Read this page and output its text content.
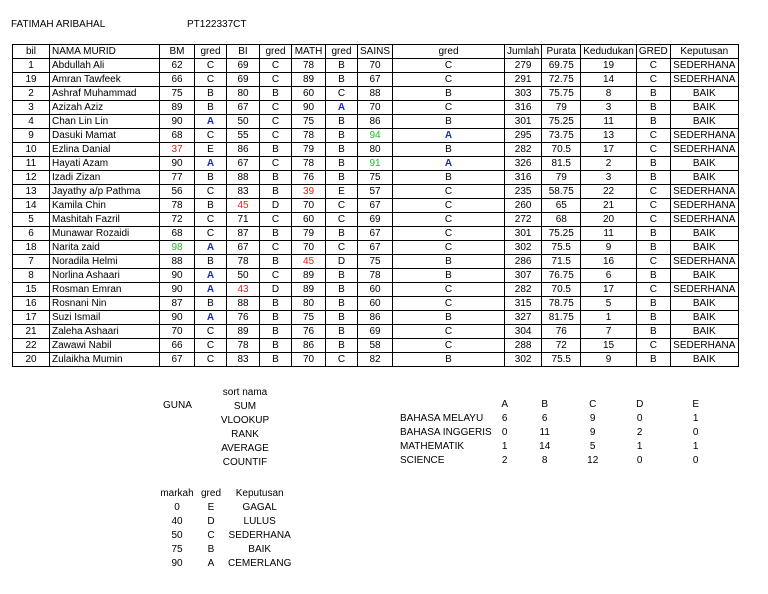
FATIMAH ARIBAHAL	PT122337CT
bil	NAMA MURID	BM	gred	BI	gred	MATH	gred	SAINS	gred	Jumlah	Purata	Kedudukan	GRED	Keputusan
1	Abdullah Ali	62	C	69	C	78	B	70	C	279	69.75	19	C	SEDERHANA
19	Amran Tawfeek	66	C	69	C	89	B	67	C	291	72.75	14	C	SEDERHANA
2	Ashraf Muhammad	75	B	80	B	60	C	88	B	303	75.75	8	B	BAIK
3	Azizah Aziz	89	B	67	C	90	A	70	C	316	79	3	B	BAIK
4	Chan Lin Lin	90	A	50	C	75	B	86	B	301	75.25	11	B	BAIK
9	Dasuki Mamat	68	C	55	C	78	B	94	A	295	73.75	13	C	SEDERHANA
10	Ezlina Danial	37	E	86	B	79	B	80	B	282	70.5	17	C	SEDERHANA
11	Hayati Azam	90	A	67	C	78	B	91	A	326	81.5	2	B	BAIK
12	Izadi Zizan	77	B	88	B	76	B	75	B	316	79	3	B	BAIK
13	Jayathy a/p Pathma	56	C	83	B	39	E	57	C	235	58.75	22	C	SEDERHANA
14	Kamila Chin	78	B	45	D	70	C	67	C	260	65	21	C	SEDERHANA
5	Mashitah Fazril	72	C	71	C	60	C	69	C	272	68	20	C	SEDERHANA
6	Munawar Rozaidi	68	C	87	B	79	B	67	C	301	75.25	11	B	BAIK
18	Narita zaid	98	A	67	C	70	C	67	C	302	75.5	9	B	BAIK
7	Noradila Helmi	88	B	78	B	45	D	75	B	286	71.5	16	C	SEDERHANA
8	Norlina Ashaari	90	A	50	C	89	B	78	B	307	76.75	6	B	BAIK
15	Rosman Emran	90	A	43	D	89	B	60	C	282	70.5	17	C	SEDERHANA
16	Rosnani Nin	87	B	88	B	80	B	60	C	315	78.75	5	B	BAIK
17	Suzi Ismail	90	A	76	B	75	B	86	B	327	81.75	1	B	BAIK
21	Zaleha Ashaari	70	C	89	B	76	B	69	C	304	76	7	B	BAIK
22	Zawawi Nabil	66	C	78	B	86	B	58	C	288	72	15	C	SEDERHANA
20	Zulaikha Mumin	67	C	83	B	70	C	82	B	302	75.5	9	B	BAIK
GUNA
sort nama
SUM
VLOOKUP
RANK
AVERAGE
COUNTIF
	A	B	C	D	E
BAHASA MELAYU	6	6	9	0	1
BAHASA INGGERIS	0	11	9	2	0
MATHEMATIK	1	14	5	1	1
SCIENCE	2	8	12	0	0
markah	gred	Keputusan
0	E	GAGAL
40	D	LULUS
50	C	SEDERHANA
75	B	BAIK
90	A	CEMERLANG
